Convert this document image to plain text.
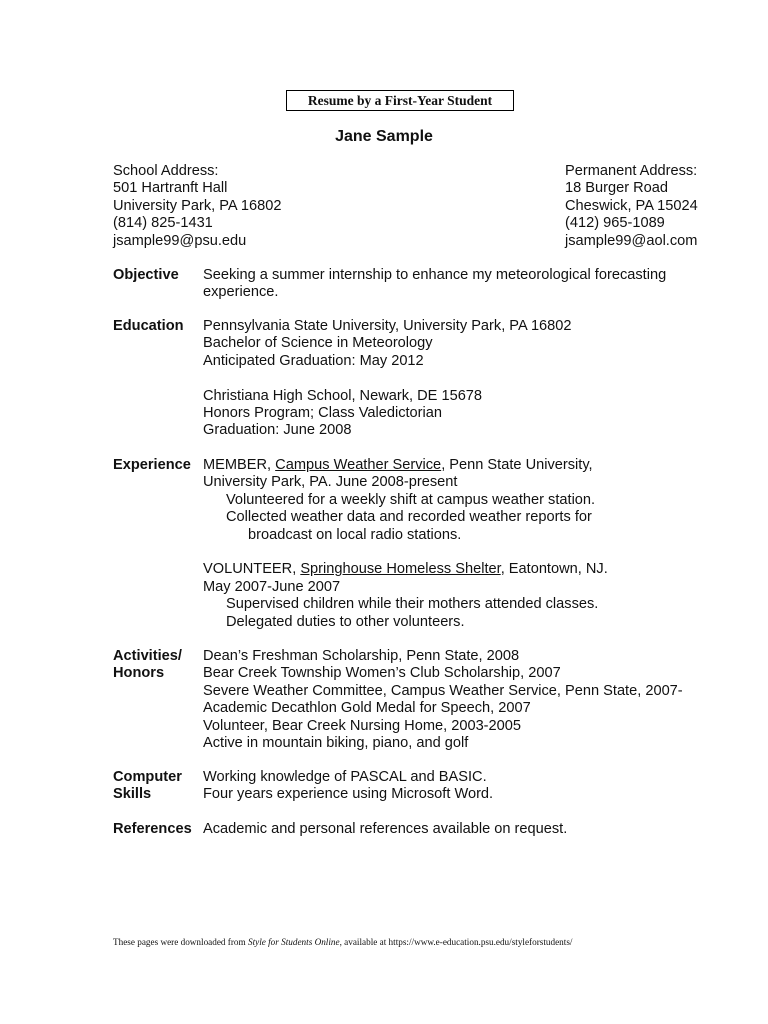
Resume by a First-Year Student
Jane Sample
School Address:
501 Hartranft Hall
University Park, PA 16802
(814) 825-1431
jsample99@psu.edu
Permanent Address:
18 Burger Road
Cheswick, PA 15024
(412) 965-1089
jsample99@aol.com
Objective	Seeking a summer internship to enhance my meteorological forecasting
experience.
Education	Pennsylvania State University, University Park, PA 16802
Bachelor of Science in Meteorology
Anticipated Graduation: May 2012
Christiana High School, Newark, DE 15678
Honors Program; Class Valedictorian
Graduation: June 2008
Experience MEMBER, Campus Weather Service, Penn State University,
University Park, PA. June 2008-present
Volunteered for a weekly shift at campus weather station.
Collected weather data and recorded weather reports for
broadcast on local radio stations.
VOLUNTEER, Springhouse Homeless Shelter, Eatontown, NJ.
May 2007-June 2007
Supervised children while their mothers attended classes.
Delegated duties to other volunteers.
Activities/
Honors
Dean’s Freshman Scholarship, Penn State, 2008
Bear Creek Township Women’s Club Scholarship, 2007
Severe Weather Committee, Campus Weather Service, Penn State, 2007-
Academic Decathlon Gold Medal for Speech, 2007
Volunteer, Bear Creek Nursing Home, 2003-2005
Active in mountain biking, piano, and golf
Computer
Skills
Working knowledge of PASCAL and BASIC.
Four years experience using Microsoft Word.
References Academic and personal references available on request.
These pages were downloaded from Style for Students Online, available at https://www.e-education.psu.edu/styleforstudents/
